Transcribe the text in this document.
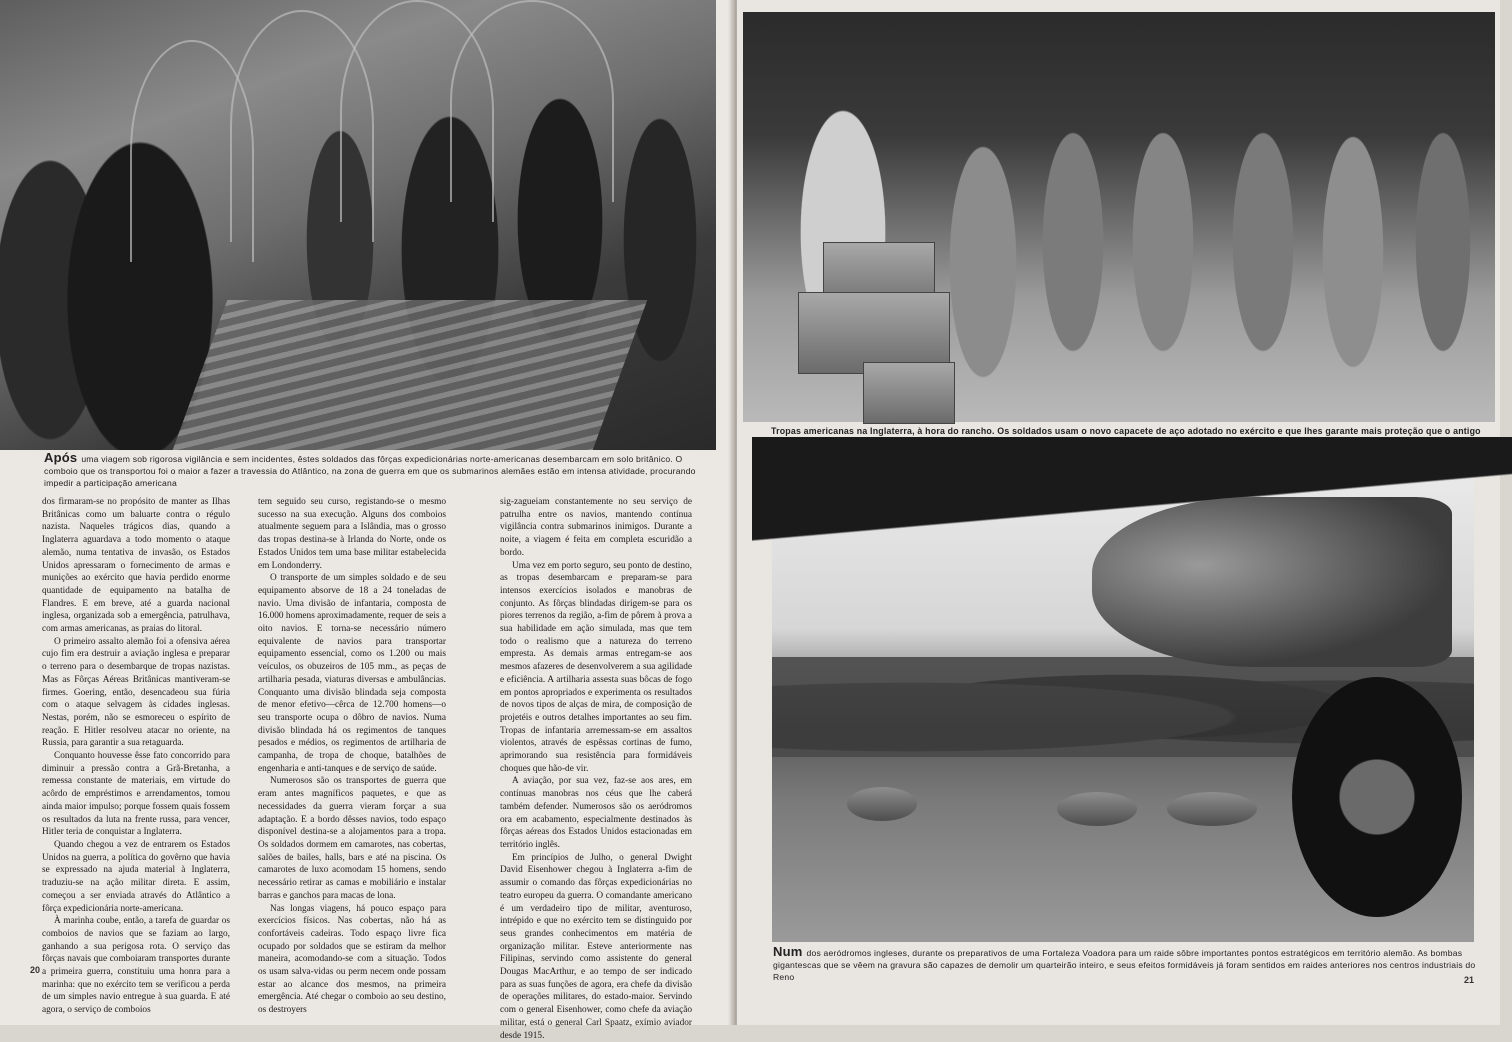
Após uma viagem sob rigorosa vigilância e sem incidentes, êstes soldados das fôrças expedicionárias norte-americanas desembarcam em solo britânico. O comboio que os transportou foi o maior a fazer a travessia do Atlântico, na zona de guerra em que os submarinos alemães estão em intensa atividade, procurando impedir a participação americana

dos firmaram-se no propósito de manter as Ilhas Britânicas como um baluarte contra o régulo nazista. Naqueles trágicos dias, quando a Inglaterra aguardava a todo momento o ataque alemão, numa tentativa de invasão, os Estados Unidos apressaram o fornecimento de armas e munições ao exército que havia perdido enorme quantidade de equipamento na batalha de Flandres. E em breve, até a guarda nacional inglesa, organizada sob a emergência, patrulhava, com armas americanas, as praias do litoral.

O primeiro assalto alemão foi a ofensiva aérea cujo fim era destruir a aviação inglesa e preparar o terreno para o desembarque de tropas nazistas. Mas as Fôrças Aéreas Britânicas mantiveram-se firmes. Goering, então, desencadeou sua fúria com o ataque selvagem às cidades inglesas. Nestas, porém, não se esmoreceu o espírito de reação. E Hitler resolveu atacar no oriente, na Russia, para garantir a sua retaguarda.

Conquanto houvesse êsse fato concorrido para diminuir a pressão contra a Grã-Bretanha, a remessa constante de materiais, em virtude do acôrdo de empréstimos e arrendamentos, tomou ainda maior impulso; porque fossem quais fossem os resultados da luta na frente russa, para vencer, Hitler teria de conquistar a Inglaterra.

Quando chegou a vez de entrarem os Estados Unidos na guerra, a política do govêrno que havia se expressado na ajuda material à Inglaterra, traduziu-se na ação militar direta. E assim, começou a ser enviada através do Atlântico a fôrça expedicionária norte-americana.

À marinha coube, então, a tarefa de guardar os comboios de navios que se faziam ao largo, ganhando a sua perigosa rota. O serviço das fôrças navais que comboiaram transportes durante a primeira guerra, constituiu uma honra para a marinha: que no exército tem se verificou a perda de um simples navio entregue à sua guarda. E até agora, o serviço de comboios

tem seguido seu curso, registando-se o mesmo sucesso na sua execução. Alguns dos comboios atualmente seguem para a Islândia, mas o grosso das tropas destina-se à Irlanda do Norte, onde os Estados Unidos tem uma base militar estabelecida em Londonderry.

O transporte de um simples soldado e de seu equipamento absorve de 18 a 24 toneladas de navio. Uma divisão de infantaria, composta de 16.000 homens aproximadamente, requer de seis a oito navios. E torna-se necessário número equivalente de navios para transportar equipamento essencial, como os 1.200 ou mais veículos, os obuzeiros de 105 mm., as peças de artilharia pesada, viaturas diversas e ambulâncias. Conquanto uma divisão blindada seja composta de menor efetivo—cêrca de 12.700 homens—o seu transporte ocupa o dôbro de navios. Numa divisão blindada há os regimentos de tanques pesados e médios, os regimentos de artilharia de campanha, de tropa de choque, batalhões de engenharia e anti-tanques e de serviço de saúde.

Numerosos são os transportes de guerra que eram antes magníficos paquetes, e que as necessidades da guerra vieram forçar a sua adaptação. E a bordo dêsses navios, todo espaço disponível destina-se a alojamentos para a tropa. Os soldados dormem em camarotes, nas cobertas, salões de bailes, halls, bars e até na piscina. Os camarotes de luxo acomodam 15 homens, sendo necessário retirar as camas e mobiliário e instalar barras e ganchos para macas de lona.

Nas longas viagens, há pouco espaço para exercícios físicos. Nas cobertas, não há as confortáveis cadeiras. Todo espaço livre fica ocupado por soldados que se estiram da melhor maneira, acomodando-se com a situação. Todos os usam salva-vidas ou perm necem onde possam estar ao alcance dos mesmos, na primeira emergência. Até chegar o comboio ao seu destino, os destroyers

sig-zagueiam constantemente no seu serviço de patrulha entre os navios, mantendo contínua vigilância contra submarinos inimigos. Durante a noite, a viagem é feita em completa escuridão a bordo.

Uma vez em porto seguro, seu ponto de destino, as tropas desembarcam e preparam-se para intensos exercícios isolados e manobras de conjunto. As fôrças blindadas dirigem-se para os piores terrenos da região, a-fim de pôrem à prova a sua habilidade em ação simulada, mas que tem todo o realismo que a natureza do terreno empresta. As demais armas entregam-se aos mesmos afazeres de desenvolverem a sua agilidade e eficiência. A artilharia assesta suas bôcas de fogo em pontos apropriados e experimenta os resultados de novos tipos de alças de mira, de composição de projetéis e outros detalhes importantes ao seu fim. Tropas de infantaria arremessam-se em assaltos violentos, através de espêssas cortinas de fumo, aprimorando sua resistência para formidáveis choques que hão-de vir.

A aviação, por sua vez, faz-se aos ares, em contínuas manobras nos céus que lhe caberá também defender. Numerosos são os aeródromos ora em acabamento, especialmente destinados às fôrças aéreas dos Estados Unidos estacionadas em território inglês.

Em princípios de Julho, o general Dwight David Eisenhower chegou à Inglaterra a-fim de assumir o comando das fôrças expedicionárias no teatro europeu da guerra. O comandante americano é um verdadeiro tipo de militar, aventuroso, intrépido e que no exército tem se distinguido por seus grandes conhecimentos em matéria de organização militar. Esteve anteriormente nas Filipinas, servindo como assistente do general Dougas MacArthur, e ao tempo de ser indicado para as suas funções de agora, era chefe da divisão de operações militares, do estado-maior. Servindo com o general Eisenhower, como chefe da aviação militar, está o general Carl Spaatz, exímio aviador desde 1915.

20
Tropas americanas na Inglaterra, à hora do rancho. Os soldados usam o novo capacete de aço adotado no exército e que lhes garante mais proteção que o antigo
Num dos aeródromos ingleses, durante os preparativos de uma Fortaleza Voadora para um raide sôbre importantes pontos estratégicos em território alemão. As bombas gigantescas que se vêem na gravura são capazes de demolir um quarteirão inteiro, e seus efeitos formidáveis já foram sentidos em raides anteriores nos centros industriais do Reno	21
